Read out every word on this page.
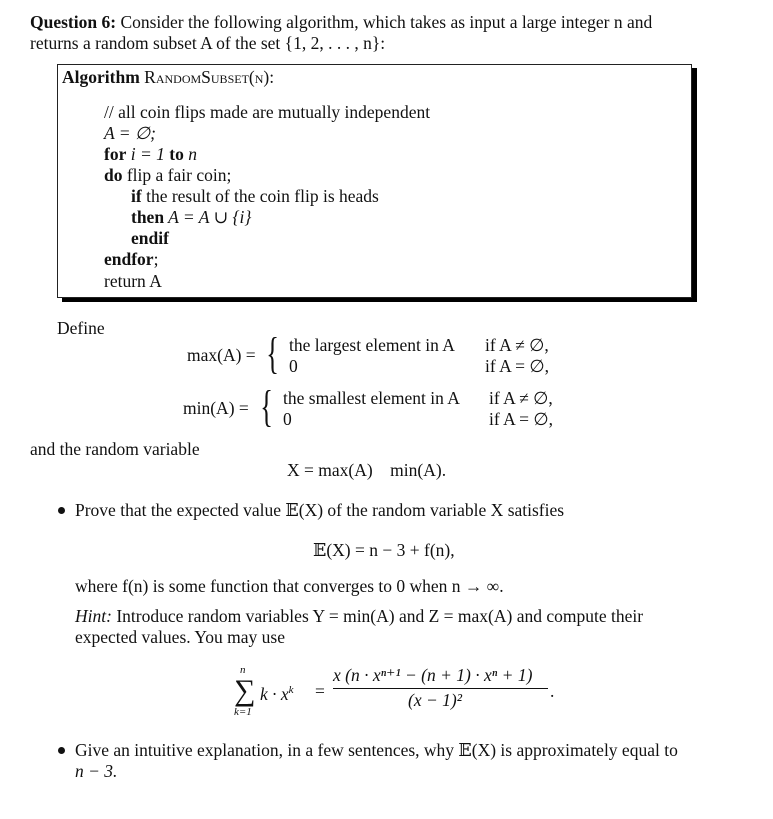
Question 6: Consider the following algorithm, which takes as input a large integer n and
returns a random subset A of the set {1, 2, . . . , n}:
Algorithm RandomSubset(n):
// all coin flips made are mutually independent
A = ∅;
for i = 1 to n
do flip a fair coin;
if the result of the coin flip is heads
then A = A ∪ {i}
endif
endfor;
return A
Define
max(A) = { the largest element in A if A ≠ ∅,
0	if A = ∅,
min(A) = { the smallest element in A if A ≠ ∅,
0	if A = ∅,
and the random variable
X = max(A)    min(A).
Prove that the expected value 𝔼(X) of the random variable X satisfies
𝔼(X) = n − 3 + f(n),
where f(n) is some function that converges to 0 when n → ∞.
Hint: Introduce random variables Y = min(A) and Z = max(A) and compute their
expected values. You may use
n
∑
k=1
$k \cdot x^k$ =
x (n · xⁿ⁺¹ − (n + 1) · xⁿ + 1)
(x − 1)²	.
Give an intuitive explanation, in a few sentences, why 𝔼(X) is approximately equal to
n − 3.
